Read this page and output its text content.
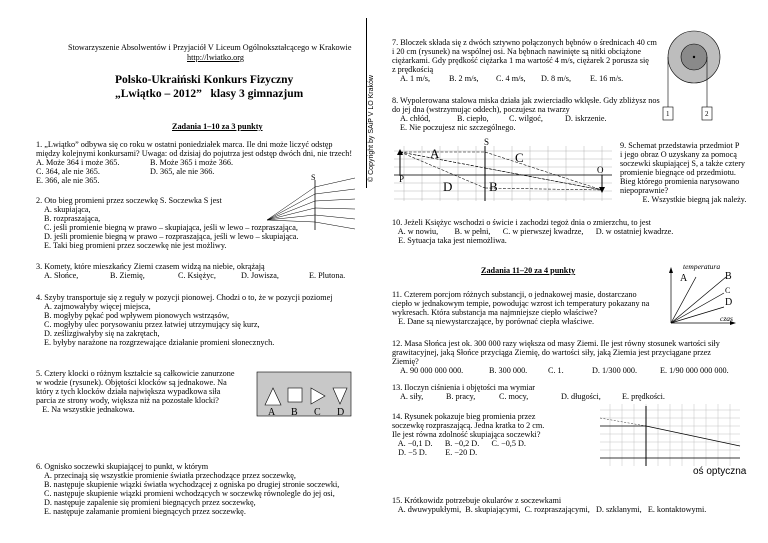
Stowarzyszenie Absolwentów i Przyjaciół V Liceum Ogólnokształcącego w Krakowie
http://lwiatko.org
Polsko-Ukraiński Konkurs Fizyczny
„Lwiątko – 2012”   klasy 3 gimnazjum
Zadania 1–10 za 3 punkty
1. „Lwiątko” odbywa się co roku w ostatni poniedziałek marca. Ile dni może liczyć odstęp
między kolejnymi konkursami? Uwaga: od dzisiaj do pojutrza jest odstęp dwóch dni, nie trzech!
A. Może 364 i może 365.	B. Może 365 i może 366.
C. 364, ale nie 365.	D. 365, ale nie 366.
E. 366, ale nie 365.	S
2. Oto bieg promieni przez soczewkę S. Soczewka S jest
A. skupiająca,
B. rozpraszająca,
C. jeśli promienie biegną w prawo – skupiająca, jeśli w lewo – rozpraszająca,
D. jeśli promienie biegną w prawo – rozpraszająca, jeśli w lewo – skupiająca.
E. Taki bieg promieni przez soczewkę nie jest możliwy.
3. Komety, które mieszkańcy Ziemi czasem widzą na niebie, okrążają
A. Słońce,	B. Ziemię,	C. Księżyc,	D. Jowisza,	E. Plutona.
4. Szyby transportuje się z reguły w pozycji pionowej. Chodzi o to, że w pozycji poziomej
A. zajmowałyby więcej miejsca,
B. mogłyby pękać pod wpływem pionowych wstrząsów,
C. mogłyby ulec porysowaniu przez łatwiej utrzymujący się kurz,
D. ześlizgiwałyby się na zakrętach,
E. byłyby narażone na rozgrzewające działanie promieni słonecznych.
5. Cztery klocki o różnym kształcie są całkowicie zanurzone
w wodzie (rysunek). Objętości klocków są jednakowe. Na
który z tych klocków działa największa wypadkowa siła
parcia ze strony wody, większa niż na pozostałe klocki?
E. Na wszystkie jednakowa.	A B C D
6. Ognisko soczewki skupiającej to punkt, w którym
A. przecinają się wszystkie promienie światła przechodzące przez soczewkę,
B. następuje skupienie wiązki światła wychodzącej z ogniska po drugiej stronie soczewki,
C. następuje skupienie wiązki promieni wchodzących w soczewkę równolegle do jej osi,
D. następuje zapalenie się promieni biegnących przez soczewkę,
E. następuje załamanie promieni biegnących przez soczewkę.
© Copyright by SAiP V LO Kraków
7. Bloczek składa się z dwóch sztywno połączonych bębnów o średnicach 40 cm
i 20 cm (rysunek) na wspólnej osi. Na bębnach nawinięte są nitki obciążone
ciężarkami. Gdy prędkość ciężarka 1 ma wartość 4 m/s, ciężarek 2 porusza się
z prędkością
A. 1 m/s, B. 2 m/s, C. 4 m/s, D. 8 m/s, E. 16 m/s.
1	2
8. Wypolerowana stalowa miska działa jak zwierciadło wklęsłe. Gdy zbliżysz nos
do jej dna (wstrzymując oddech), poczujesz na twarzy
A. chłód,	B. ciepło, C. wilgoć,	D. iskrzenie.
E. Nie poczujesz nic szczególnego.
S
A	C
P
O
D	B
9. Schemat przedstawia przedmiot P
i jego obraz O uzyskany za pomocą
soczewki skupiającej S, a także cztery
promienie biegnące od przedmiotu.
Bieg którego promienia narysowano
niepoprawnie?
E. Wszystkie biegną jak należy.
10. Jeżeli Księżyc wschodzi o świcie i zachodzi tegoż dnia o zmierzchu, to jest
A. w nowiu,        B. w pełni,      C. w pierwszej kwadrze,      D. w ostatniej kwadrze.
E. Sytuacja taka jest niemożliwa.
Zadania 11–20 za 4 punkty	temperatura
A	B
C
D
czas
11. Czterem porcjom różnych substancji, o jednakowej masie, dostarczano
ciepło w jednakowym tempie, powodując wzrost ich temperatury pokazany na
wykresach. Która substancja ma najmniejsze ciepło właściwe?
E. Dane są niewystarczające, by porównać ciepła właściwe.
12. Masa Słońca jest ok. 300 000 razy większa od masy Ziemi. Ile jest równy stosunek wartości siły
grawitacyjnej, jaką Słońce przyciąga Ziemię, do wartości siły, jaką Ziemia jest przyciągane przez
Ziemię?
A. 90 000 000 000.	B. 300 000.	C. 1.	D. 1/300 000.	E. 1/90 000 000 000.
13. Iloczyn ciśnienia i objętości ma wymiar
A. siły,	B. pracy,	C. mocy,	D. długości,	E. prędkości.
oś optyczna
14. Rysunek pokazuje bieg promienia przez
soczewkę rozpraszającą. Jedna kratka to 2 cm.
Ile jest równa zdolność skupiająca soczewki?
A. −0,1 D.      B. −0,2 D.      C. −0,5 D.
D. −5 D.         E. −20 D.
15. Krótkowidz potrzebuje okularów z soczewkami
A. dwuwypukłymi,  B. skupiającymi,  C. rozpraszającymi,   D. szklanymi,   E. kontaktowymi.
